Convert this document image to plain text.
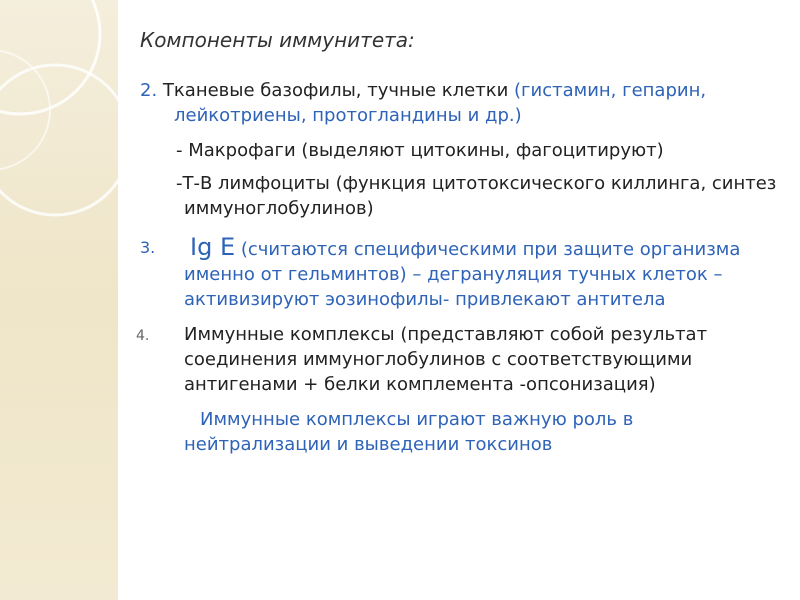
Компоненты иммунитета:
2. Тканевые базофилы, тучные клетки (гистамин, гепарин, лейкотриены, протогландины и др.)
- Макрофаги (выделяют цитокины, фагоцитируют)
-Т-В лимфоциты (функция цитотоксического киллинга, синтез иммуноглобулинов)
3. Ig E (считаются специфическими при защите организма именно от гельминтов) – дегрануляция тучных клеток – активизируют эозинофилы- привлекают антитела
4. Иммунные комплексы (представляют собой результат соединения иммуноглобулинов с соответствующими антигенами + белки комплемента -опсонизация)
Иммунные комплексы играют важную роль в нейтрализации и выведении токсинов
